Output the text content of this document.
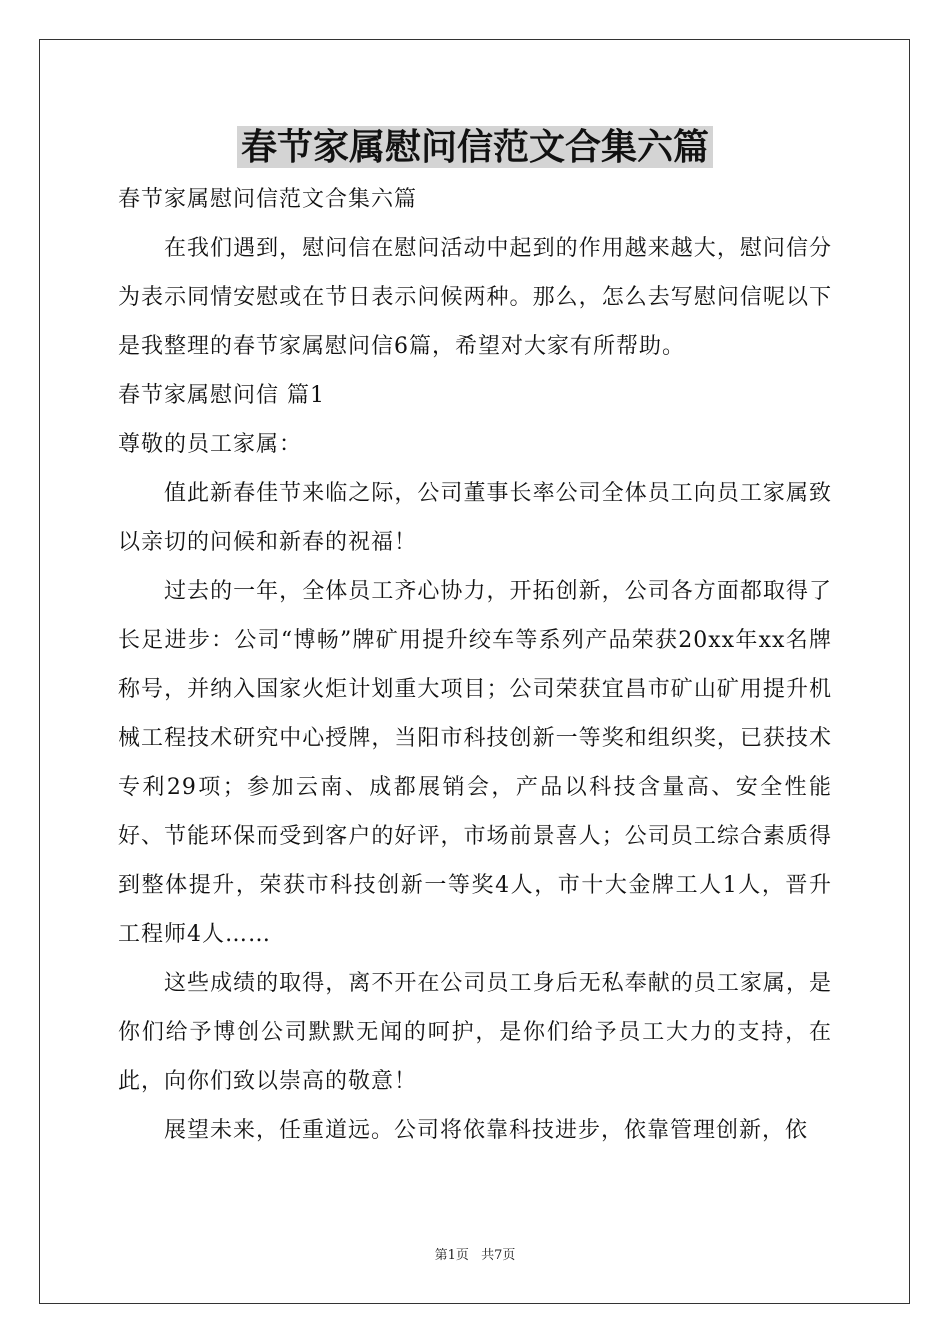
春节家属慰问信范文合集六篇

春节家属慰问信范文合集六篇

在我们遇到，慰问信在慰问活动中起到的作用越来越大，慰问信分为表示同情安慰或在节日表示问候两种。那么，怎么去写慰问信呢以下是我整理的春节家属慰问信6篇，希望对大家有所帮助。

春节家属慰问信 篇1

尊敬的员工家属：

值此新春佳节来临之际，公司董事长率公司全体员工向员工家属致以亲切的问候和新春的祝福！

过去的一年，全体员工齐心协力，开拓创新，公司各方面都取得了长足进步：公司“博畅”牌矿用提升绞车等系列产品荣获20xx年xx名牌称号，并纳入国家火炬计划重大项目；公司荣获宜昌市矿山矿用提升机械工程技术研究中心授牌，当阳市科技创新一等奖和组织奖，已获技术专利29项；参加云南、成都展销会，产品以科技含量高、安全性能好、节能环保而受到客户的好评，市场前景喜人；公司员工综合素质得到整体提升，荣获市科技创新一等奖4人，市十大金牌工人1人，晋升工程师4人……

这些成绩的取得，离不开在公司员工身后无私奉献的员工家属，是你们给予博创公司默默无闻的呵护，是你们给予员工大力的支持，在此，向你们致以崇高的敬意！

展望未来，任重道远。公司将依靠科技进步，依靠管理创新，依

第1页 共7页
